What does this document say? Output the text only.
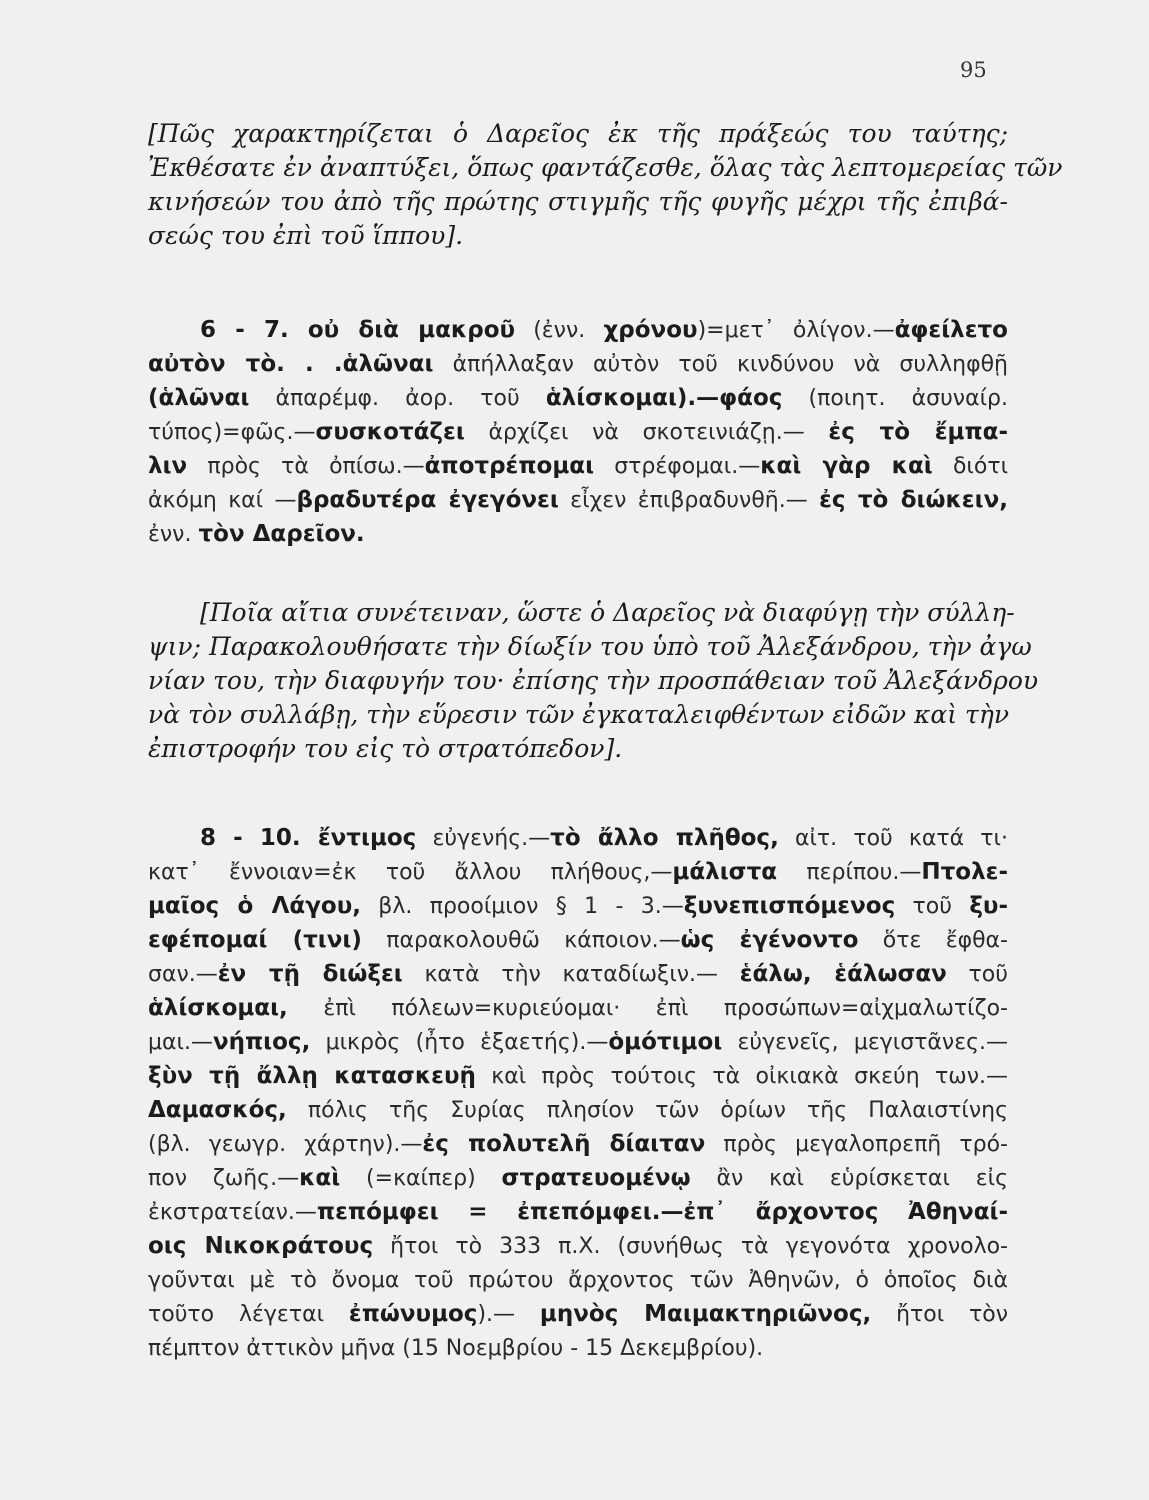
95
[Πῶς χαρακτηρίζεται ὁ Δαρεῖος ἐκ τῆς πράξεώς του ταύτης;
Ἐκθέσατε ἐν ἀναπτύξει, ὅπως φαντάζεσθε, ὅλας τὰς λεπτομερείας τῶν
κινήσεών του ἀπὸ τῆς πρώτης στιγμῆς τῆς φυγῆς μέχρι τῆς ἐπιβά-
σεώς του ἐπὶ τοῦ ἵππου].
6 - 7. οὐ διὰ μακροῦ (ἐνν. χρόνου)=μετ᾽ ὀλίγον.—ἀφείλετο
αὐτὸν τὸ. . .ἁλῶναι ἀπήλλαξαν αὐτὸν τοῦ κινδύνου νὰ συλληφθῇ
(ἁλῶναι ἀπαρέμφ. ἀορ. τοῦ ἁλίσκομαι).—φάος (ποιητ. ἀσυναίρ.
τύπος)=φῶς.—συσκοτάζει ἀρχίζει νὰ σκοτεινιάζῃ.— ἐς τὸ ἔμπα-
λιν πρὸς τὰ ὀπίσω.—ἀποτρέπομαι στρέφομαι.—καὶ γὰρ καὶ διότι
ἀκόμη καί —βραδυτέρα ἐγεγόνει εἶχεν ἐπιβραδυνθῆ.— ἐς τὸ διώκειν,
ἐνν. τὸν Δαρεῖον.
[Ποῖα αἴτια συνέτειναν, ὥστε ὁ Δαρεῖος νὰ διαφύγῃ τὴν σύλλη-
ψιν; Παρακολουθήσατε τὴν δίωξίν του ὑπὸ τοῦ Ἀλεξάνδρου, τὴν ἀγω
νίαν του, τὴν διαφυγήν του· ἐπίσης τὴν προσπάθειαν τοῦ Ἀλεξάνδρου
νὰ τὸν συλλάβῃ, τὴν εὕρεσιν τῶν ἐγκαταλειφθέντων εἰδῶν καὶ τὴν
ἐπιστροφήν του εἰς τὸ στρατόπεδον].
8 - 10. ἔντιμος εὐγενής.—τὸ ἄλλο πλῆθος, αἰτ. τοῦ κατά τι·
κατ᾽ ἔννοιαν=ἐκ τοῦ ἄλλου πλήθους,—μάλιστα περίπου.—Πτολε-
μαῖος ὁ Λάγου, βλ. προοίμιον § 1 - 3.—ξυνεπισπόμενος τοῦ ξυ-
εφέπομαί (τινι) παρακολουθῶ κάποιον.—ὡς ἐγένοντο ὅτε ἔφθα-
σαν.—ἐν τῇ διώξει κατὰ τὴν καταδίωξιν.— ἑάλω, ἑάλωσαν τοῦ
ἁλίσκομαι, ἐπὶ πόλεων=κυριεύομαι· ἐπὶ προσώπων=αἰχμαλωτίζο-
μαι.—νήπιος, μικρὸς (ἦτο ἑξαετής).—ὁμότιμοι εὐγενεῖς, μεγιστᾶνες.—
ξὺν τῇ ἄλλῃ κατασκευῇ καὶ πρὸς τούτοις τὰ οἰκιακὰ σκεύη των.—
Δαμασκός, πόλις τῆς Συρίας πλησίον τῶν ὁρίων τῆς Παλαιστίνης
(βλ. γεωγρ. χάρτην).—ἐς πολυτελῆ δίαιταν πρὸς μεγαλοπρεπῆ τρό-
πον ζωῆς.—καὶ (=καίπερ) στρατευομένῳ ἂν καὶ εὑρίσκεται εἰς
ἐκστρατείαν.—πεπόμφει = ἐπεπόμφει.—ἐπ᾽ ἄρχοντος Ἀθηναί-
οις Νικοκράτους ἤτοι τὸ 333 π.Χ. (συνήθως τὰ γεγονότα χρονολο-
γοῦνται μὲ τὸ ὄνομα τοῦ πρώτου ἄρχοντος τῶν Ἀθηνῶν, ὁ ὁποῖος διὰ
τοῦτο λέγεται ἐπώνυμος).— μηνὸς Μαιμακτηριῶνος, ἤτοι τὸν
πέμπτον ἀττικὸν μῆνα (15 Νοεμβρίου - 15 Δεκεμβρίου).
